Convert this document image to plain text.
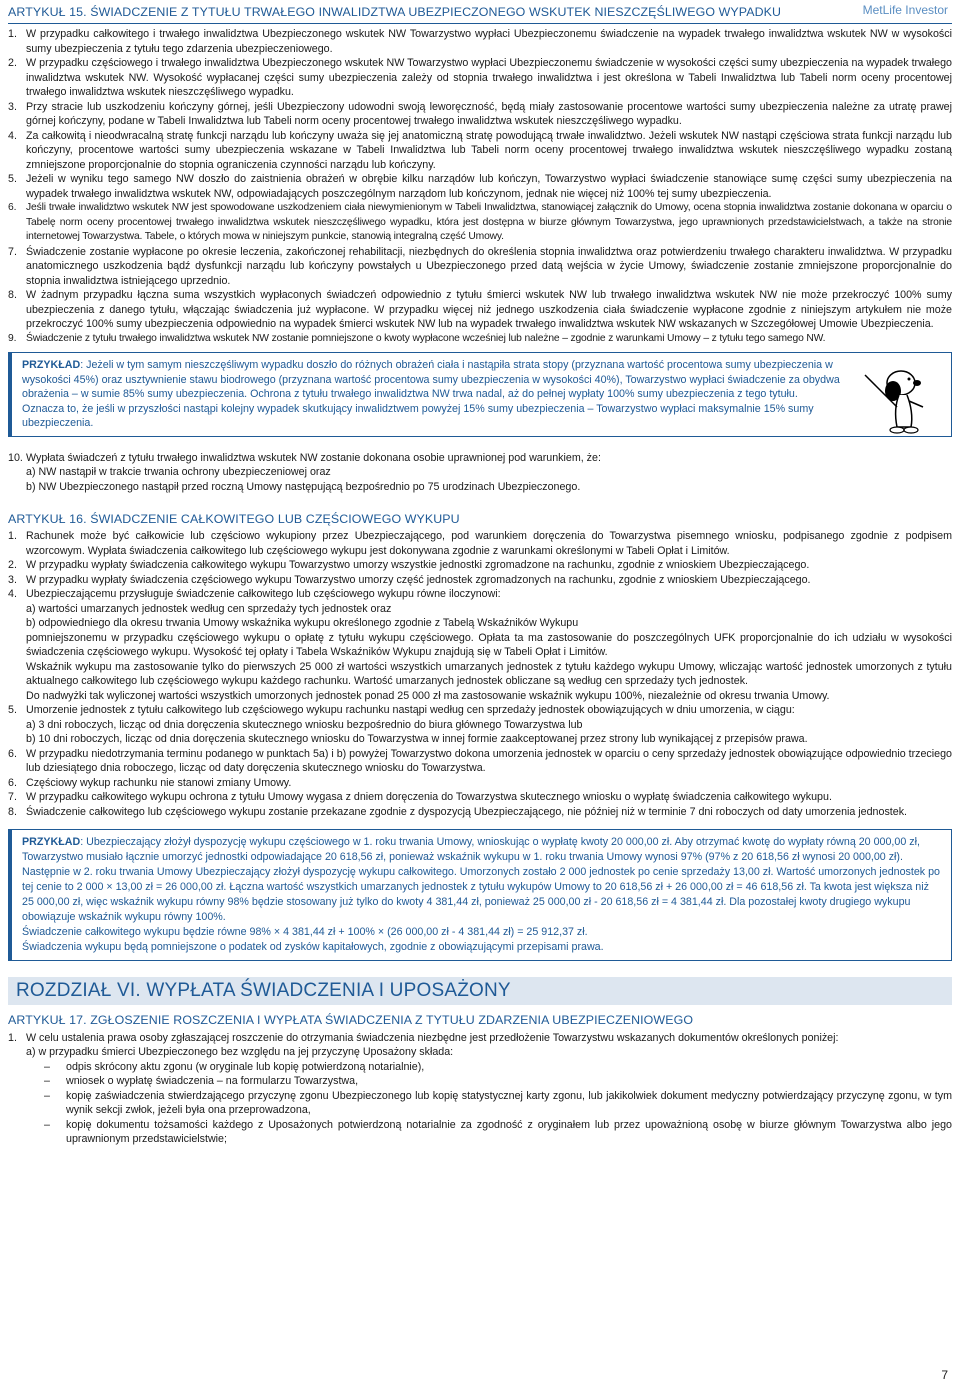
ARTYKUŁ 15. ŚWIADCZENIE Z TYTUŁU TRWAŁEGO INWALIDZTWA UBEZPIECZONEGO WSKUTEK NIESZCZĘŚLIWEGO WYPADKU	MetLife Investor
1. W przypadku całkowitego i trwałego inwalidztwa Ubezpieczonego wskutek NW Towarzystwo wypłaci Ubezpieczonemu świadczenie na wypadek trwałego inwalidztwa wskutek NW w wysokości sumy ubezpieczenia z tytułu tego zdarzenia ubezpieczeniowego.
2. W przypadku częściowego i trwałego inwalidztwa Ubezpieczonego wskutek NW Towarzystwo wypłaci Ubezpieczonemu świadczenie w wysokości części sumy ubezpieczenia na wypadek trwałego inwalidztwa wskutek NW. Wysokość wypłacanej części sumy ubezpieczenia zależy od stopnia trwałego inwalidztwa i jest określona w Tabeli Inwalidztwa lub Tabeli norm oceny procentowej trwałego inwalidztwa wskutek nieszczęśliwego wypadku.
3. Przy stracie lub uszkodzeniu kończyny górnej, jeśli Ubezpieczony udowodni swoją leworęczność, będą miały zastosowanie procentowe wartości sumy ubezpieczenia należne za utratę prawej górnej kończyny, podane w Tabeli Inwalidztwa lub Tabeli norm oceny procentowej trwałego inwalidztwa wskutek nieszczęśliwego wypadku.
4. Za całkowitą i nieodwracalną stratę funkcji narządu lub kończyny uważa się jej anatomiczną stratę powodującą trwałe inwalidztwo. Jeżeli wskutek NW nastąpi częściowa strata funkcji narządu lub kończyny, procentowe wartości sumy ubezpieczenia wskazane w Tabeli Inwalidztwa lub Tabeli norm oceny procentowej trwałego inwalidztwa wskutek nieszczęśliwego wypadku zostaną zmniejszone proporcjonalnie do stopnia ograniczenia czynności narządu lub kończyny.
5. Jeżeli w wyniku tego samego NW doszło do zaistnienia obrażeń w obrębie kilku narządów lub kończyn, Towarzystwo wypłaci świadczenie stanowiące sumę części sumy ubezpieczenia na wypadek trwałego inwalidztwa wskutek NW, odpowiadających poszczególnym narządom lub kończynom, jednak nie więcej niż 100% tej sumy ubezpieczenia.
6. Jeśli trwałe inwalidztwo wskutek NW jest spowodowane uszkodzeniem ciała niewymienionym w Tabeli Inwalidztwa, stanowiącej załącznik do Umowy, ocena stopnia inwalidztwa zostanie dokonana w oparciu o Tabelę norm oceny procentowej trwałego inwalidztwa wskutek nieszczęśliwego wypadku, która jest dostępna w biurze głównym Towarzystwa, jego uprawnionych przedstawicielstwach, a także na stronie internetowej Towarzystwa. Tabele, o których mowa w niniejszym punkcie, stanowią integralną część Umowy.
7. Świadczenie zostanie wypłacone po okresie leczenia, zakończonej rehabilitacji, niezbędnych do określenia stopnia inwalidztwa oraz potwierdzeniu trwałego charakteru inwalidztwa. W przypadku anatomicznego uszkodzenia bądź dysfunkcji narządu lub kończyny powstałych u Ubezpieczonego przed datą wejścia w życie Umowy, świadczenie zostanie zmniejszone proporcjonalnie do stopnia inwalidztwa istniejącego uprzednio.
8. W żadnym przypadku łączna suma wszystkich wypłaconych świadczeń odpowiednio z tytułu śmierci wskutek NW lub trwałego inwalidztwa wskutek NW nie może przekroczyć 100% sumy ubezpieczenia z danego tytułu, włączając świadczenia już wypłacone. W przypadku więcej niż jednego uszkodzenia ciała świadczenie wypłacone zgodnie z niniejszym artykułem nie może przekroczyć 100% sumy ubezpieczenia odpowiednio na wypadek śmierci wskutek NW lub na wypadek trwałego inwalidztwa wskutek NW wskazanych w Szczegółowej Umowie Ubezpieczenia.
9. Świadczenie z tytułu trwałego inwalidztwa wskutek NW zostanie pomniejszone o kwoty wypłacone wcześniej lub należne – zgodnie z warunkami Umowy – z tytułu tego samego NW.
PRZYKŁAD: Jeżeli w tym samym nieszczęśliwym wypadku doszło do różnych obrażeń ciała i nastąpiła strata stopy (przyznana wartość procentowa sumy ubezpieczenia w wysokości 45%) oraz usztywnienie stawu biodrowego (przyznana wartość procentowa sumy ubezpieczenia w wysokości 40%), Towarzystwo wypłaci świadczenie za obydwa obrażenia – w sumie 85% sumy ubezpieczenia. Ochrona z tytułu trwałego inwalidztwa NW trwa nadal, aż do pełnej wypłaty 100% sumy ubezpieczenia z tego tytułu. Oznacza to, że jeśli w przyszłości nastąpi kolejny wypadek skutkujący inwalidztwem powyżej 15% sumy ubezpieczenia – Towarzystwo wypłaci maksymalnie 15% sumy ubezpieczenia.
10. Wypłata świadczeń z tytułu trwałego inwalidztwa wskutek NW zostanie dokonana osobie uprawnionej pod warunkiem, że:
a) NW nastąpił w trakcie trwania ochrony ubezpieczeniowej oraz
b) NW Ubezpieczonego nastąpił przed roczną Umowy następującą bezpośrednio po 75 urodzinach Ubezpieczonego.
ARTYKUŁ 16. ŚWIADCZENIE CAŁKOWITEGO LUB CZĘŚCIOWEGO WYKUPU
1. Rachunek może być całkowicie lub częściowo wykupiony przez Ubezpieczającego, pod warunkiem doręczenia do Towarzystwa pisemnego wniosku, podpisanego zgodnie z podpisem wzorcowym. Wypłata świadczenia całkowitego lub częściowego wykupu jest dokonywana zgodnie z warunkami określonymi w Tabeli Opłat i Limitów.
2. W przypadku wypłaty świadczenia całkowitego wykupu Towarzystwo umorzy wszystkie jednostki zgromadzone na rachunku, zgodnie z wnioskiem Ubezpieczającego.
3. W przypadku wypłaty świadczenia częściowego wykupu Towarzystwo umorzy część jednostek zgromadzonych na rachunku, zgodnie z wnioskiem Ubezpieczającego.
4. Ubezpieczającemu przysługuje świadczenie całkowitego lub częściowego wykupu równe iloczynowi:
a) wartości umarzanych jednostek według cen sprzedaży tych jednostek oraz
b) odpowiedniego dla okresu trwania Umowy wskaźnika wykupu określonego zgodnie z Tabelą Wskaźników Wykupu
pomniejszonemu w przypadku częściowego wykupu o opłatę z tytułu wykupu częściowego. Opłata ta ma zastosowanie do poszczególnych UFK proporcjonalnie do ich udziału w wysokości świadczenia częściowego wykupu. Wysokość tej opłaty i Tabela Wskaźników Wykupu znajdują się w Tabeli Opłat i Limitów.
Wskaźnik wykupu ma zastosowanie tylko do pierwszych 25 000 zł wartości wszystkich umarzanych jednostek z tytułu każdego wykupu Umowy, wliczając wartość jednostek umorzonych z tytułu aktualnego całkowitego lub częściowego wykupu każdego rachunku. Wartość umarzanych jednostek obliczane są według cen sprzedaży tych jednostek.
Do nadwyżki tak wyliczonej wartości wszystkich umorzonych jednostek ponad 25 000 zł ma zastosowanie wskaźnik wykupu 100%, niezależnie od okresu trwania Umowy.
5. Umorzenie jednostek z tytułu całkowitego lub częściowego wykupu rachunku nastąpi według cen sprzedaży jednostek obowiązujących w dniu umorzenia, w ciągu:
a) 3 dni roboczych, licząc od dnia doręczenia skutecznego wniosku bezpośrednio do biura głównego Towarzystwa lub
b) 10 dni roboczych, licząc od dnia doręczenia skutecznego wniosku do Towarzystwa w innej formie zaakceptowanej przez strony lub wynikającej z przepisów prawa.
6. W przypadku niedotrzymania terminu podanego w punktach 5a) i b) powyżej Towarzystwo dokona umorzenia jednostek w oparciu o ceny sprzedaży jednostek obowiązujące odpowiednio trzeciego lub dziesiątego dnia roboczego, licząc od daty doręczenia skutecznego wniosku do Towarzystwa.
6. Częściowy wykup rachunku nie stanowi zmiany Umowy.
7. W przypadku całkowitego wykupu ochrona z tytułu Umowy wygasa z dniem doręczenia do Towarzystwa skutecznego wniosku o wypłatę świadczenia całkowitego wykupu.
8. Świadczenie całkowitego lub częściowego wykupu zostanie przekazane zgodnie z dyspozycją Ubezpieczającego, nie później niż w terminie 7 dni roboczych od daty umorzenia jednostek.
PRZYKŁAD: Ubezpieczający złożył dyspozycję wykupu częściowego w 1. roku trwania Umowy, wnioskując o wypłatę kwoty 20 000,00 zł. Aby otrzymać kwotę do wypłaty równą 20 000,00 zł, Towarzystwo musiało łącznie umorzyć jednostki odpowiadające 20 618,56 zł, ponieważ wskaźnik wykupu w 1. roku trwania Umowy wynosi 97% (97% z 20 618,56 zł wynosi 20 000,00 zł).
Następnie w 2. roku trwania Umowy Ubezpieczający złożył dyspozycję wykupu całkowitego. Umorzonych zostało 2 000 jednostek po cenie sprzedaży 13,00 zł. Wartość umorzonych jednostek po tej cenie to 2 000 × 13,00 zł = 26 000,00 zł. Łączna wartość wszystkich umarzanych jednostek z tytułu wykupów Umowy to 20 618,56 zł + 26 000,00 zł = 46 618,56 zł. Ta kwota jest większa niż 25 000,00 zł, więc wskaźnik wykupu równy 98% będzie stosowany już tylko do kwoty 4 381,44 zł, ponieważ 25 000,00 zł - 20 618,56 zł = 4 381,44 zł. Dla pozostałej kwoty drugiego wykupu obowiązuje wskaźnik wykupu równy 100%.
Świadczenie całkowitego wykupu będzie równe 98% × 4 381,44 zł + 100% × (26 000,00 zł - 4 381,44 zł) = 25 912,37 zł.
Świadczenia wykupu będą pomniejszone o podatek od zysków kapitałowych, zgodnie z obowiązującymi przepisami prawa.
ROZDZIAŁ VI. WYPŁATA ŚWIADCZENIA I UPOSAŻONY
ARTYKUŁ 17. ZGŁOSZENIE ROSZCZENIA I WYPŁATA ŚWIADCZENIA Z TYTUŁU ZDARZENIA UBEZPIECZENIOWEGO
1. W celu ustalenia prawa osoby zgłaszającej roszczenie do otrzymania świadczenia niezbędne jest przedłożenie Towarzystwu wskazanych dokumentów określonych poniżej:
a) w przypadku śmierci Ubezpieczonego bez względu na jej przyczynę Uposażony składa:
–	odpis skrócony aktu zgonu (w oryginale lub kopię potwierdzoną notarialnie),
–	wniosek o wypłatę świadczenia – na formularzu Towarzystwa,
–	kopię zaświadczenia stwierdzającego przyczynę zgonu Ubezpieczonego lub kopię statystycznej karty zgonu, lub jakikolwiek dokument medyczny potwierdzający przyczynę zgonu, w tym wynik sekcji zwłok, jeżeli była ona przeprowadzona,
–	kopię dokumentu tożsamości każdego z Uposażonych potwierdzoną notarialnie za zgodność z oryginałem lub przez upoważnioną osobę w biurze głównym Towarzystwa albo jego uprawnionym przedstawicielstwie;
7
